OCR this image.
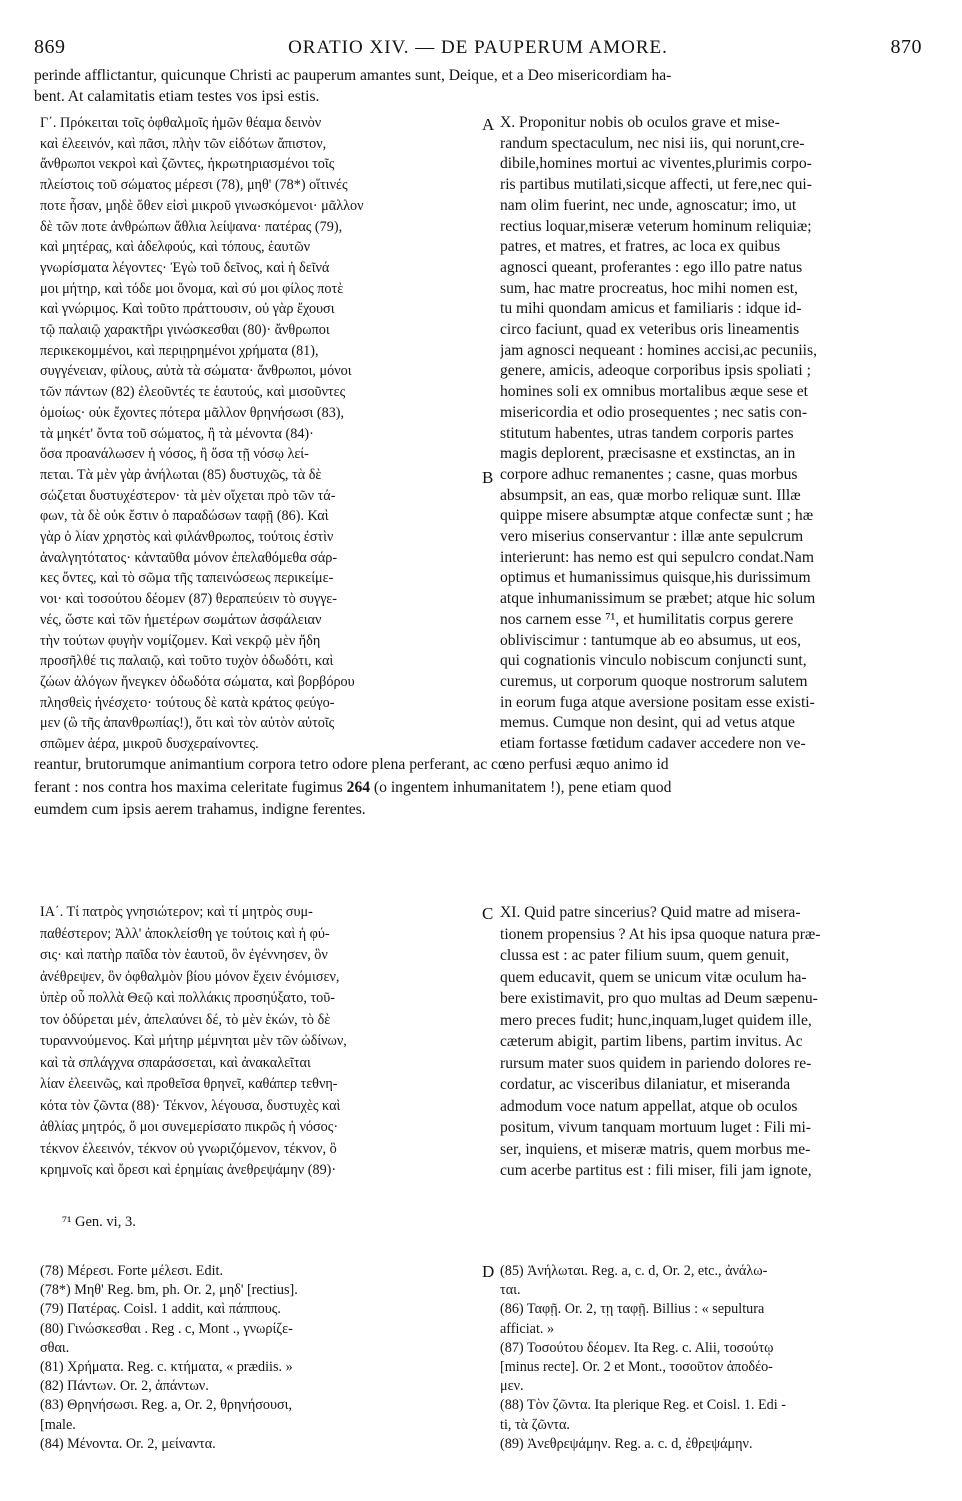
869	ORATIO XIV. — DE PAUPERUM AMORE.	870
perinde afflictantur, quicunque Christi ac pauperum amantes sunt, Deique, et a Deo misericordiam ha-
bent. At calamitatis etiam testes vos ipsi estis.
Γ΄. Πρόκειται τοῖς ὀφθαλμοῖς ἡμῶν θέαμα δεινὸν
καὶ ἐλεεινόν, καὶ πᾶσι, πλὴν τῶν εἰδότων ἄπιστον,
ἄνθρωποι νεκροὶ καὶ ζῶντες, ἠκρωτηριασμένοι τοῖς
πλείστοις τοῦ σώματος μέρεσι (78), μηθ' (78*) οἵτινές
ποτε ἦσαν, μηδὲ ὅθεν εἰσὶ μικροῦ γινωσκόμενοι· μᾶλλον
δὲ τῶν ποτε ἀνθρώπων ἄθλια λείψανα· πατέρας (79),
καὶ μητέρας, καὶ ἀδελφούς, καὶ τόπους, ἑαυτῶν
γνωρίσματα λέγοντες· Ἐγὼ τοῦ δεῖνος, καὶ ἡ δεῖνά
μοι μήτηρ, καὶ τόδε μοι ὄνομα, καὶ σύ μοι φίλος ποτὲ
καὶ γνώριμος. Καὶ τοῦτο πράττουσιν, οὐ γὰρ ἔχουσι
τῷ παλαιῷ χαρακτῆρι γινώσκεσθαι (80)· ἄνθρωποι
περικεκομμένοι, καὶ περιῃρημένοι χρήματα (81),
συγγένειαν, φίλους, αὐτὰ τὰ σώματα· ἄνθρωποι, μόνοι
τῶν πάντων (82) ἐλεοῦντές τε ἑαυτούς, καὶ μισοῦντες
ὁμοίως· οὐκ ἔχοντες πότερα μᾶλλον θρηνήσωσι (83),
τὰ μηκέτ' ὄντα τοῦ σώματος, ἢ τὰ μένοντα (84)·
ὅσα προανάλωσεν ἡ νόσος, ἢ ὅσα τῇ νόσῳ λεί-
πεται. Τὰ μὲν γὰρ ἀνήλωται (85) δυστυχῶς, τὰ δὲ
σώζεται δυστυχέστερον· τὰ μὲν οἴχεται πρὸ τῶν τά-
φων, τὰ δὲ οὐκ ἔστιν ὁ παραδώσων ταφῇ (86). Καὶ
γὰρ ὁ λίαν χρηστὸς καὶ φιλάνθρωπος, τούτοις ἐστὶν
ἀναλγητότατος· κἀνταῦθα μόνον ἐπελαθόμεθα σάρ-
κες ὄντες, καὶ τὸ σῶμα τῆς ταπεινώσεως περικείμε-
νοι· καὶ τοσούτου δέομεν (87) θεραπεύειν τὸ συγγε-
νές, ὥστε καὶ τῶν ἡμετέρων σωμάτων ἀσφάλειαν
τὴν τούτων φυγὴν νομίζομεν. Καὶ νεκρῷ μὲν ἤδη
προσῆλθέ τις παλαιῷ, καὶ τοῦτο τυχὸν ὀδωδότι, καὶ
ζώων ἀλόγων ἤνεγκεν ὀδωδότα σώματα, καὶ βορβόρου
πλησθεὶς ἠνέσχετο· τούτους δὲ κατὰ κράτος φεύγο-
μεν (ὢ τῆς ἀπανθρωπίας!), ὅτι καὶ τὸν αὐτὸν αὐτοῖς
σπῶμεν ἀέρα, μικροῦ δυσχεραίνοντες.
X. Proponitur nobis ob oculos grave et mise-
randum spectaculum, nec nisi iis, qui norunt,cre-
dibile,homines mortui ac viventes,plurimis corpo-
ris partibus mutilati,sicque affecti, ut fere,nec qui-
nam olim fuerint, nec unde, agnoscatur; imo, ut
rectius loquar,miseræ veterum hominum reliquiæ;
patres, et matres, et fratres, ac loca ex quibus
agnosci queant, proferantes : ego illo patre natus
sum, hac matre procreatus, hoc mihi nomen est,
tu mihi quondam amicus et familiaris : idque id-
circo faciunt, quad ex veteribus oris lineamentis
jam agnosci nequeant : homines accisi,ac pecuniis,
genere, amicis, adeoque corporibus ipsis spoliati ;
homines soli ex omnibus mortalibus æque sese et
misericordia et odio prosequentes ; nec satis con-
stitutum habentes, utras tandem corporis partes
magis deplorent, præcisasne et exstinctas, an in
corpore adhuc remanentes ; casne, quas morbus
absumpsit, an eas, quæ morbo reliquæ sunt. Illæ
quippe misere absumptæ atque confectæ sunt ; hæ
vero miserius conservantur : illæ ante sepulcrum
interierunt: has nemo est qui sepulcro condat.Nam
optimus et humanissimus quisque,his durissimum
atque inhumanissimum se præbet; atque hic solum
nos carnem esse ⁷¹, et humilitatis corpus gerere
obliviscimur : tantumque ab eo absumus, ut eos,
qui cognationis vinculo nobiscum conjuncti sunt,
curemus, ut corporum quoque nostrorum salutem
in eorum fuga atque aversione positam esse existi-
memus. Cumque non desint, qui ad vetus atque
etiam fortasse fœtidum cadaver accedere non ve-
A
B
C
D
reantur, brutorumque animantium corpora tetro odore plena perferant, ac cœno perfusi æquo animo id
ferant : nos contra hos maxima celeritate fugimus 264 (o ingentem inhumanitatem !), pene etiam quod
eumdem cum ipsis aerem trahamus, indigne ferentes.
ΙΑ΄. Τί πατρὸς γνησιώτερον; καὶ τί μητρὸς συμ-
παθέστερον; Ἀλλ' ἀποκλείσθη γε τούτοις καὶ ἡ φύ-
σις· καὶ πατὴρ παῖδα τὸν ἑαυτοῦ, ὃν ἐγέννησεν, ὃν
ἀνέθρεψεν, ὃν ὀφθαλμὸν βίου μόνον ἔχειν ἐνόμισεν,
ὑπὲρ οὗ πολλὰ Θεῷ καὶ πολλάκις προσηύξατο, τοῦ-
τον ὀδύρεται μέν, ἀπελαύνει δέ, τὸ μὲν ἑκών, τὸ δὲ
τυραννούμενος. Καὶ μήτηρ μέμνηται μὲν τῶν ὠδίνων,
καὶ τὰ σπλάγχνα σπαράσσεται, καὶ ἀνακαλεῖται
λίαν ἐλεεινῶς, καὶ προθεῖσα θρηνεῖ, καθάπερ τεθνη-
κότα τὸν ζῶντα (88)· Τέκνον, λέγουσα, δυστυχὲς καὶ
ἀθλίας μητρός, ὅ μοι συνεμερίσατο πικρῶς ἡ νόσος·
τέκνον ἐλεεινόν, τέκνον οὐ γνωριζόμενον, τέκνον, ὃ
κρημνοῖς καὶ ὄρεσι καὶ ἐρημίαις ἀνεθρεψάμην (89)·
XI. Quid patre sincerius? Quid matre ad misera-
tionem propensius ? At his ipsa quoque natura præ-
clussa est : ac pater filium suum, quem genuit,
quem educavit, quem se unicum vitæ oculum ha-
bere existimavit, pro quo multas ad Deum sæpenu-
mero preces fudit; hunc,inquam,luget quidem ille,
cæterum abigit, partim libens, partim invitus. Ac
rursum mater suos quidem in pariendo dolores re-
cordatur, ac visceribus dilaniatur, et miseranda
admodum voce natum appellat, atque ob oculos
positum, vivum tanquam mortuum luget : Fili mi-
ser, inquiens, et miseræ matris, quem morbus me-
cum acerbe partitus est : fili miser, fili jam ignote,
⁷¹ Gen. vi, 3.
(78) Μέρεσι. Forte μέλεσι. Edit.
(78*) Μηθ' Reg. bm, ph. Or. 2, μηδ' [rectius].
(79) Πατέρας. Coisl. 1 addit, καὶ πάππους.
(80) Γινώσκεσθαι . Reg . c, Mont ., γνωρίζε-
σθαι.
(81) Χρήματα. Reg. c. κτήματα, « prædiis. »
(82) Πάντων. Or. 2, ἁπάντων.
(83) Θρηνήσωσι. Reg. a, Or. 2, θρηνήσουσι,
[male.
(84) Μένοντα. Or. 2, μείναντα.
(85) Ἀνήλωται. Reg. a, c. d, Or. 2, etc., ἀνάλω-
ται.
(86) Ταφῇ. Or. 2, τῃ ταφῇ. Billius : « sepultura
afficiat. »
(87) Τοσούτου δέομεν. Ita Reg. c. Alii, τοσούτῳ
[minus recte]. Or. 2 et Mont., τοσοῦτον ἀποδέο-
μεν.
(88) Τὸν ζῶντα. Ita plerique Reg. et Coisl. 1. Edi -
ti, τὰ ζῶντα.
(89) Ἀνεθρεψάμην. Reg. a. c. d, ἐθρεψάμην.
